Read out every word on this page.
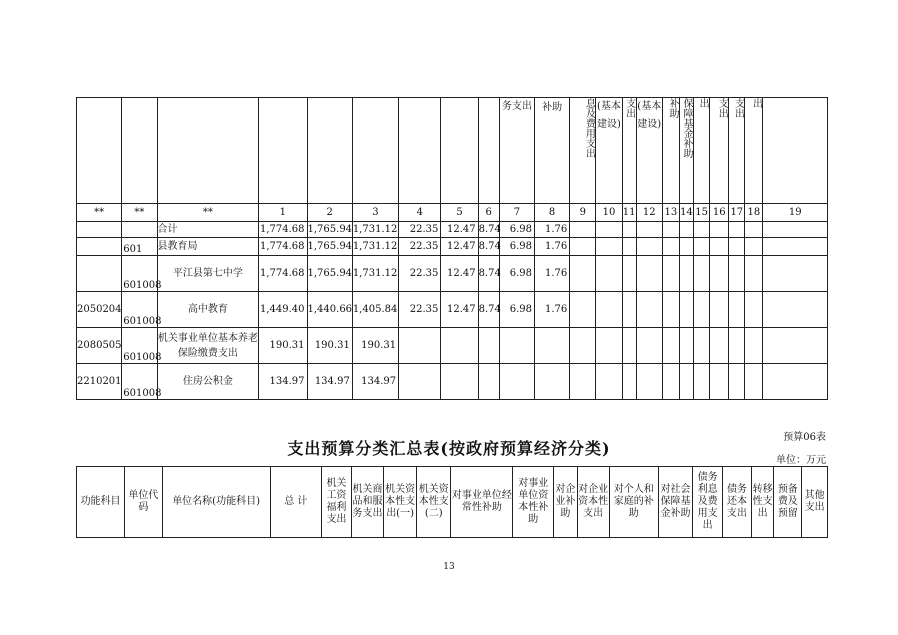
									务支出	补助	息及费用支出	(基本建设)	支出	(基本建设)	补助	保障基金补助	出	支出	支出	出	
**	**	**	1	2	3	4	5	6	7	8	9	10	11	12	13	14	15	16	17	18	19
		合计	1,774.68	1,765.94	1,731.12	22.35	12.47	8.74	6.98	1.76											
	601	县教育局	1,774.68	1,765.94	1,731.12	22.35	12.47	8.74	6.98	1.76											
	601008	平江县第七中学	1,774.68	1,765.94	1,731.12	22.35	12.47	8.74	6.98	1.76											
2050204	601008	高中教育	1,449.40	1,440.66	1,405.84	22.35	12.47	8.74	6.98	1.76											
2080505	601008	机关事业单位基本养老保险缴费支出	190.31	190.31	190.31																
2210201	601008	住房公积金	134.97	134.97	134.97																
预算06表
支出预算分类汇总表(按政府预算经济分类)
单位：万元
功能科目	单位代码	单位名称(功能科目)	总 计	机关工资福利支出	机关商品和服务支出	机关资本性支出(一)	机关资本性支(二)	对事业单位经常性补助	对事业单位资本性补助	对企业补助	对企业资本性支出	对个人和家庭的补助	对社会保障基金补助	债务利息及费用支出	债务还本支出	转移性支出	预备费及预留	其他支出
13
